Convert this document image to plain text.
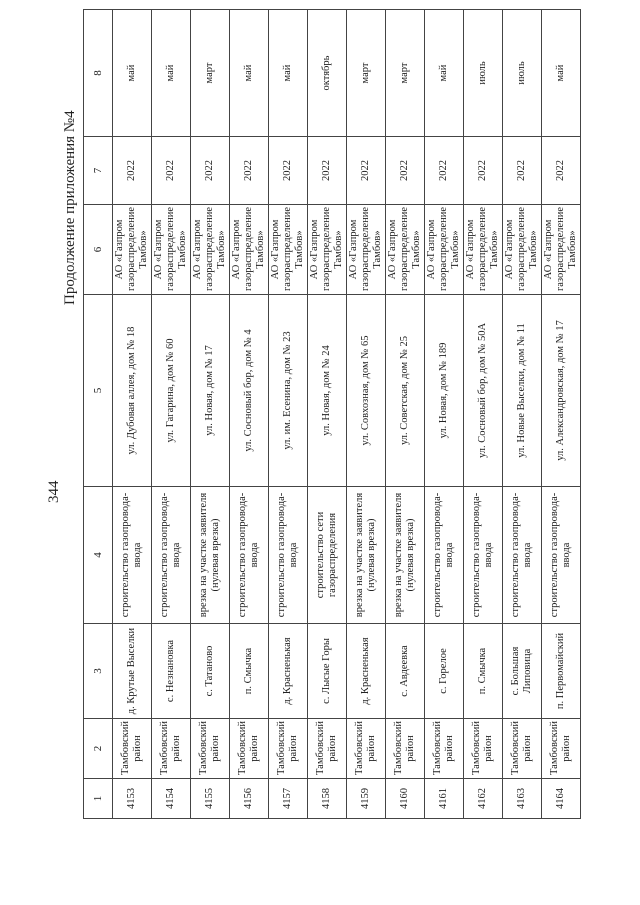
344
Продолжение приложения №4
1	2	3	4	5	6	7	8
4153	Тамбовский район	д. Крутые Выселки	строительство газопровода-ввода	ул. Дубовая аллея, дом № 18	АО «Газпром газораспределение Тамбов»	2022	май
4154	Тамбовский район	с. Незнановка	строительство газопровода-ввода	ул. Гагарина, дом № 60	АО «Газпром газораспределение Тамбов»	2022	май
4155	Тамбовский район	с. Татаново	врезка на участке заявителя (нулевая врезка)	ул. Новая, дом № 17	АО «Газпром газораспределение Тамбов»	2022	март
4156	Тамбовский район	п. Смычка	строительство газопровода-ввода	ул. Сосновый бор, дом № 4	АО «Газпром газораспределение Тамбов»	2022	май
4157	Тамбовский район	д. Красненькая	строительство газопровода-ввода	ул. им. Есенина, дом № 23	АО «Газпром газораспределение Тамбов»	2022	май
4158	Тамбовский район	с. Лысые Горы	строительство сети газораспределения	ул. Новая, дом № 24	АО «Газпром газораспределение Тамбов»	2022	октябрь
4159	Тамбовский район	д. Красненькая	врезка на участке заявителя (нулевая врезка)	ул. Совхозная, дом № 65	АО «Газпром газораспределение Тамбов»	2022	март
4160	Тамбовский район	с. Авдеевка	врезка на участке заявителя (нулевая врезка)	ул. Советская, дом № 25	АО «Газпром газораспределение Тамбов»	2022	март
4161	Тамбовский район	с. Горелое	строительство газопровода-ввода	ул. Новая, дом № 189	АО «Газпром газораспределение Тамбов»	2022	май
4162	Тамбовский район	п. Смычка	строительство газопровода-ввода	ул. Сосновый бор, дом № 50А	АО «Газпром газораспределение Тамбов»	2022	июль
4163	Тамбовский район	с. Большая Липовица	строительство газопровода-ввода	ул. Новые Выселки, дом № 11	АО «Газпром газораспределение Тамбов»	2022	июль
4164	Тамбовский район	п. Первомайский	строительство газопровода-ввода	ул. Александровская, дом № 17	АО «Газпром газораспределение Тамбов»	2022	май
